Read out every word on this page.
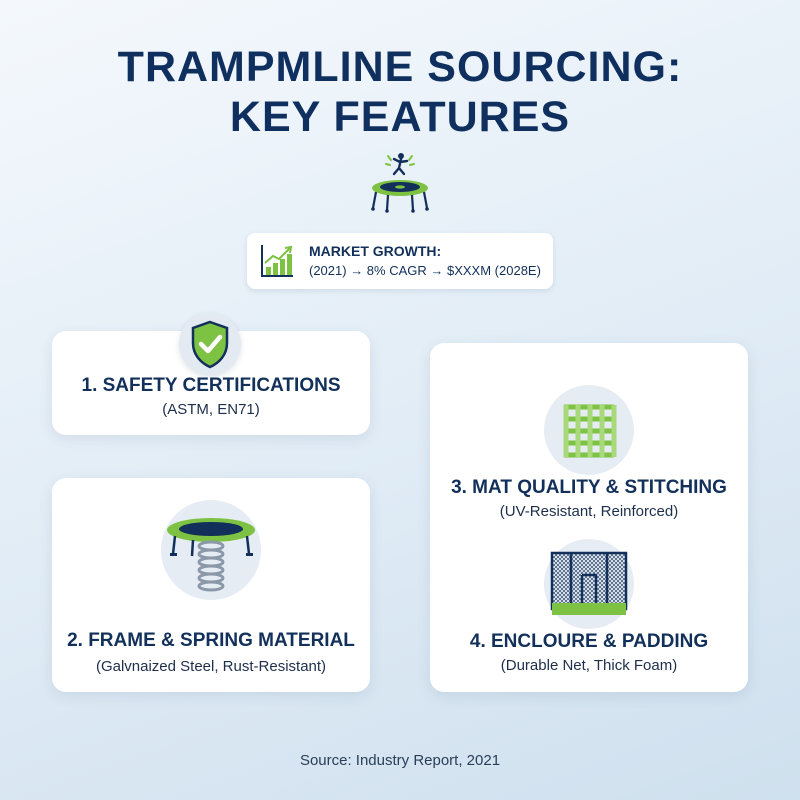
TRAMPMLINE SOURCING:
KEY FEATURES
MARKET GROWTH:
(2021) → 8% CAGR → $XXXM (2028E)
1. SAFETY CERTIFICATIONS
(ASTM, EN71)
2. FRAME & SPRING MATERIAL
(Galvnaized Steel, Rust-Resistant)
3. MAT QUALITY & STITCHING
(UV-Resistant, Reinforced)
4. ENCLOURE & PADDING
(Durable Net, Thick Foam)
Source: Industry Report, 2021
